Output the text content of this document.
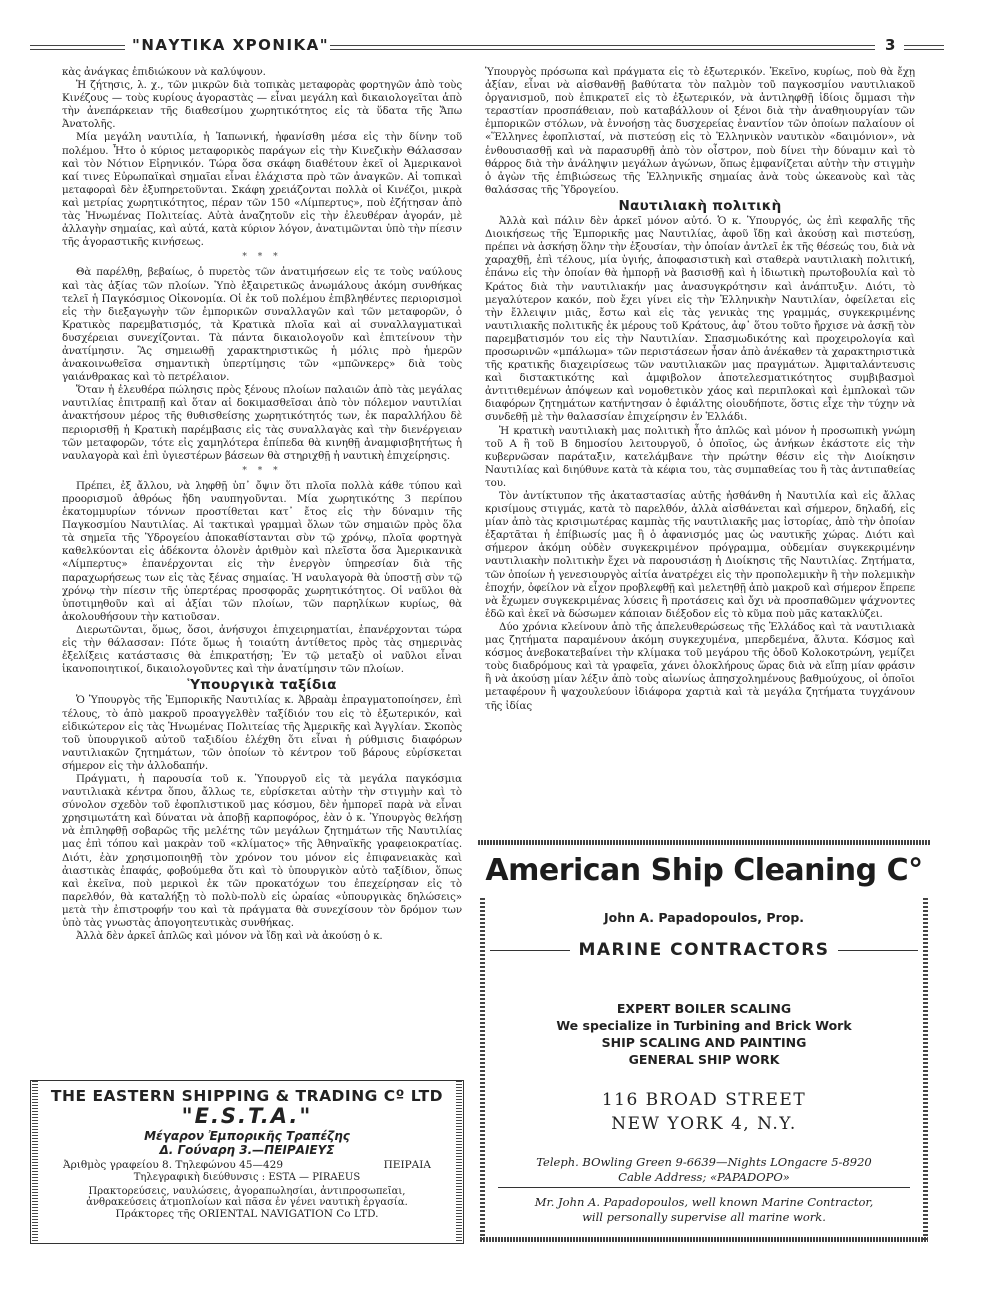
"ΝΑΥΤΙΚΑ ΧΡΟΝΙΚΑ"	3

κὰς ἀνάγκας ἐπιδιώκουν νὰ καλύψουν.

Ἡ ζήτησις, λ. χ., τῶν μικρῶν διὰ τοπικὰς μεταφορὰς φορτηγῶν ἀπὸ τοὺς Κινέζους — τοὺς κυρίους ἀγοραστὰς — εἶναι μεγάλη καὶ δικαιολογεῖται ἀπὸ τὴν ἀνεπάρκειαν τῆς διαθεσίμου χωρητικότητος εἰς τὰ ὕδατα τῆς Ἄπω Ἀνατολῆς.

Μία μεγάλη ναυτιλία, ἡ Ἰαπωνική, ἠφανίσθη μέσα εἰς τὴν δίνην τοῦ πολέμου. Ἦτο ὁ κύριος μεταφορικὸς παράγων εἰς τὴν Κινεζικὴν Θάλασσαν καὶ τὸν Νότιον Εἰρηνικόν. Τώρα ὅσα σκάφη διαθέτουν ἐκεῖ οἱ Ἀμερικανοὶ καί τινες Εὐρωπαϊκαὶ σημαῖαι εἶναι ἐλάχιστα πρὸ τῶν ἀναγκῶν. Αἱ τοπικαὶ μεταφοραὶ δὲν ἐξυπηρετοῦνται. Σκάφη χρειάζονται πολλὰ οἱ Κινέζοι, μικρὰ καὶ μετρίας χωρητικότητος, πέραν τῶν 150 «Λίμπερτυς», ποὺ ἐζήτησαν ἀπὸ τὰς Ἡνωμένας Πολιτείας. Αὐτὰ ἀναζητοῦν εἰς τὴν ἐλευθέραν ἀγοράν, μὲ ἀλλαγὴν σημαίας, καὶ αὐτά, κατὰ κύριον λόγον, ἀνατιμῶνται ὑπὸ τὴν πίεσιν τῆς ἀγοραστικῆς κινήσεως.

* * *

Θὰ παρέλθῃ, βεβαίως, ὁ πυρετὸς τῶν ἀνατιμήσεων εἰς τε τοὺς ναύλους καὶ τὰς ἀξίας τῶν πλοίων. Ὑπὸ ἐξαιρετικῶς ἀνωμάλους ἀκόμη συνθήκας τελεῖ ἡ Παγκόσμιος Οἰκονομία. Οἱ ἐκ τοῦ πολέμου ἐπιβληθέντες περιορισμοὶ εἰς τὴν διεξαγωγὴν τῶν ἐμπορικῶν συναλλαγῶν καὶ τῶν μεταφορῶν, ὁ Κρατικὸς παρεμβατισμός, τὰ Κρατικὰ πλοῖα καὶ αἱ συναλλαγματικαὶ δυσχέρειαι συνεχίζονται. Τὰ πάντα δικαιολογοῦν καὶ ἐπιτείνουν τὴν ἀνατίμησιν. Ἂς σημειωθῇ χαρακτηριστικῶς ἡ μόλις πρὸ ἡμερῶν ἀνακοινωθεῖσα σημαντικὴ ὑπερτίμησις τῶν «μπῶνκερς» διὰ τοὺς γαιάνθρακας καὶ τὸ πετρέλαιον.

Ὅταν ἡ ἐλευθέρα πώλησις πρὸς ξένους πλοίων παλαιῶν ἀπὸ τὰς μεγάλας ναυτιλίας ἐπιτραπῇ καὶ ὅταν αἱ δοκιμασθεῖσαι ἀπὸ τὸν πόλεμον ναυτιλίαι ἀνακτήσουν μέρος τῆς θυθισθείσης χωρητικότητός των, ἐκ παραλλήλου δὲ περιορισθῇ ἡ Κρατικὴ παρέμβασις εἰς τὰς συναλλαγὰς καὶ τὴν διενέργειαν τῶν μεταφορῶν, τότε εἰς χαμηλότερα ἐπίπεδα θὰ κινηθῇ ἀναμφισβητήτως ἡ ναυλαγορὰ καὶ ἐπὶ ὑγιεστέρων βάσεων θὰ στηριχθῇ ἡ ναυτικὴ ἐπιχείρησις.

* * *

Πρέπει, ἐξ ἄλλου, νὰ ληφθῇ ὑπ᾽ ὄψιν ὅτι πλοῖα πολλὰ κάθε τύπου καὶ προορισμοῦ ἀθρόως ἤδη ναυπηγοῦνται. Μία χωρητικότης 3 περίπου ἑκατομμυρίων τόννων προστίθεται κατ᾽ ἔτος εἰς τὴν δύναμιν τῆς Παγκοσμίου Ναυτιλίας. Αἱ τακτικαὶ γραμμαὶ ὅλων τῶν σημαιῶν πρὸς ὅλα τὰ σημεῖα τῆς Ὑδρογείου ἀποκαθίστανται σὺν τῷ χρόνῳ, πλοῖα φορτηγὰ καθελκύονται εἰς ἀδέκοντα ὁλονὲν ἀριθμὸν καὶ πλεῖστα ὅσα Ἀμερικανικὰ «Λίμπερτυς» ἐπανέρχονται εἰς τὴν ἐνεργὸν ὑπηρεσίαν διὰ τῆς παραχωρήσεως των εἰς τὰς ξένας σημαίας. Ἡ ναυλαγορὰ θὰ ὑποστῇ σὺν τῷ χρόνῳ τὴν πίεσιν τῆς ὑπερτέρας προσφορᾶς χωρητικότητος. Οἱ ναῦλοι θὰ ὑποτιμηθοῦν καὶ αἱ ἀξίαι τῶν πλοίων, τῶν παρηλίκων κυρίως, θὰ ἀκολουθήσουν τὴν κατιοῦσαν.

Διερωτῶνται, ὅμως, ὅσοι, ἀνήσυχοι ἐπιχειρηματίαι, ἐπανέρχονται τώρα εἰς τὴν θάλασσαν: Πότε ὅμως ἡ τοιαύτη ἀντίθετος πρὸς τὰς σημερινὰς ἐξελίξεις κατάστασις θὰ ἐπικρατήσῃ; Ἐν τῷ μεταξὺ οἱ ναῦλοι εἶναι ἱκανοποιητικοί, δικαιολογοῦντες καὶ τὴν ἀνατίμησιν τῶν πλοίων.

Ὑπουργικὰ ταξίδια

Ὁ Ὑπουργὸς τῆς Ἐμπορικῆς Ναυτιλίας κ. Ἀβραὰμ ἐπραγματοποίησεν, ἐπὶ τέλους, τὸ ἀπὸ μακροῦ προαγγελθὲν ταξίδιόν του εἰς τὸ ἐξωτερικόν, καὶ εἰδικώτερον εἰς τὰς Ἡνωμένας Πολιτείας τῆς Ἀμερικῆς καὶ Ἀγγλίαν. Σκοπὸς τοῦ ὑπουργικοῦ αὐτοῦ ταξιδίου ἐλέχθη ὅτι εἶναι ἡ ρύθμισις διαφόρων ναυτιλιακῶν ζητημάτων, τῶν ὁποίων τὸ κέντρον τοῦ βάρους εὑρίσκεται σήμερον εἰς τὴν ἀλλοδαπήν.

Πράγματι, ἡ παρουσία τοῦ κ. Ὑπουργοῦ εἰς τὰ μεγάλα παγκόσμια ναυτιλιακὰ κέντρα ὅπου, ἄλλως τε, εὑρίσκεται αὐτὴν τὴν στιγμὴν καὶ τὸ σύνολον σχεδὸν τοῦ ἐφοπλιστικοῦ μας κόσμου, δὲν ἠμπορεῖ παρὰ νὰ εἶναι χρησιμωτάτη καὶ δύναται νὰ ἀποβῇ καρποφόρος, ἐὰν ὁ κ. Ὑπουργὸς θελήσῃ νὰ ἐπιληφθῇ σοβαρῶς τῆς μελέτης τῶν μεγάλων ζητημάτων τῆς Ναυτιλίας μας ἐπὶ τόπου καὶ μακρὰν τοῦ «κλίματος» τῆς Ἀθηναϊκῆς γραφειοκρατίας. Διότι, ἐὰν χρησιμοποιηθῇ τὸν χρόνον του μόνον εἰς ἐπιφανειακὰς καὶ ἀιαστικὰς ἐπαφάς, φοβούμεθα ὅτι καὶ τὸ ὑπουργικὸν αὐτὸ ταξίδιον, ὅπως καὶ ἐκεῖνα, ποὺ μερικοὶ ἐκ τῶν προκατόχων του ἐπεχείρησαν εἰς τὸ παρελθόν, θὰ καταλήξῃ τὸ πολὺ-πολὺ εἰς ὡραίας «ὑπουργικὰς δηλώσεις» μετὰ τὴν ἐπιστροφήν του καὶ τὰ πράγματα θὰ συνεχίσουν τὸν δρόμον των ὑπὸ τὰς γνωστὰς ἀπογοητευτικὰς συνθήκας.

Ἀλλὰ δὲν ἀρκεῖ ἁπλῶς καὶ μόνον νὰ ἴδῃ καὶ νὰ ἀκούσῃ ὁ κ.

Ὑπουργὸς πρόσωπα καὶ πράγματα εἰς τὸ ἐξωτερικόν. Ἐκεῖνο, κυρίως, ποὺ θὰ ἔχῃ ἀξίαν, εἶναι νὰ αἰσθανθῇ βαθύτατα τὸν παλμὸν τοῦ παγκοσμίου ναυτιλιακοῦ ὀργανισμοῦ, ποὺ ἐπικρατεῖ εἰς τὸ ἐξωτερικόν, νὰ ἀντιληφθῇ ἰδίοις ὄμμασι τὴν τεραστίαν προσπάθειαν, ποὺ καταβάλλουν οἱ ξένοι διὰ τὴν ἀναθηιουργίαν τῶν ἐμπορικῶν στόλων, νὰ ἐννοήσῃ τὰς δυσχερείας ἐναντίον τῶν ὁποίων παλαίουν οἱ «Ἕλληνες ἐφοπλισταί, νὰ πιστεύσῃ εἰς τὸ Ἑλληνικὸν ναυτικὸν «δαιμόνιον», νὰ ἐνθουσιασθῇ καὶ νὰ παρασυρθῇ ἀπὸ τὸν οἶστρον, ποὺ δίνει τὴν δύναμιν καὶ τὸ θάρρος διὰ τὴν ἀνάληψιν μεγάλων ἀγώνων, ὅπως ἐμφανίζεται αὐτὴν τὴν στιγμὴν ὁ ἀγὼν τῆς ἐπιβιώσεως τῆς Ἑλληνικῆς σημαίας ἀνὰ τοὺς ὠκεανοὺς καὶ τὰς θαλάσσας τῆς Ὑδρογείου.

Ναυτιλιακὴ πολιτικὴ

Ἀλλὰ καὶ πάλιν δὲν ἀρκεῖ μόνον αὐτό. Ὁ κ. Ὑπουργός, ὡς ἐπὶ κεφαλῆς τῆς Διοικήσεως τῆς Ἐμπορικῆς μας Ναυτιλίας, ἀφοῦ ἴδῃ καὶ ἀκούσῃ καὶ πιστεύσῃ, πρέπει νὰ ἀσκήσῃ ὅλην τὴν ἐξουσίαν, τὴν ὁποίαν ἀντλεῖ ἐκ τῆς θέσεώς του, διὰ νὰ χαραχθῇ, ἐπὶ τέλους, μία ὑγιής, ἀποφασιστικὴ καὶ σταθερὰ ναυτιλιακὴ πολιτική, ἐπάνω εἰς τὴν ὁποίαν θὰ ἠμπορῇ νὰ βασισθῇ καὶ ἡ ἰδιωτικὴ πρωτοβουλία καὶ τὸ Κράτος διὰ τὴν ναυτιλιακήν μας ἀνασυγκρότησιν καὶ ἀνάπτυξιν. Διότι, τὸ μεγαλύτερον κακόν, ποὺ ἔχει γίνει εἰς τὴν Ἑλληνικὴν Ναυτιλίαν, ὀφείλεται εἰς τὴν ἔλλειψιν μιᾶς, ἔστω καὶ εἰς τὰς γενικὰς της γραμμάς, συγκεκριμένης ναυτιλιακῆς πολιτικῆς ἐκ μέρους τοῦ Κράτους, ἀφ᾽ ὅτου τοῦτο ἤρχισε νὰ ἀσκῇ τὸν παρεμβατισμόν του εἰς τὴν Ναυτιλίαν. Σπασμωδικότης καὶ προχειρολογία καὶ προσωρινῶν «μπάλωμα» τῶν περιστάσεων ἦσαν ἀπὸ ἀνέκαθεν τὰ χαρακτηριστικὰ τῆς κρατικῆς διαχειρίσεως τῶν ναυτιλιακῶν μας πραγμάτων. Ἀμφιταλάντευσις καὶ διστακτικότης καὶ ἀμφιβολον ἀποτελεσματικότητος συμβιβασμοὶ ἀντιτιθεμένων ἀπόψεων καὶ νομοθετικὸν χάος καὶ περιπλοκαὶ καὶ ἐμπλοκαὶ τῶν διαφόρων ζητημάτων κατήντησαν ὁ ἐφιάλτης οἱουδήποτε, ὅστις εἶχε τὴν τύχην νὰ συνδεθῇ μὲ τὴν θαλασσίαν ἐπιχείρησιν ἐν Ἑλλάδι.

Ἡ κρατικὴ ναυτιλιακὴ μας πολιτικὴ ἦτο ἁπλῶς καὶ μόνον ἡ προσωπικὴ γνώμη τοῦ Α ἢ τοῦ Β δημοσίου λειτουργοῦ, ὁ ὁποῖος, ὡς ἀνήκων ἑκάστοτε εἰς τὴν κυβερνῶσαν παράταξιν, κατελάμβανε τὴν πρώτην θέσιν εἰς τὴν Διοίκησιν Ναυτιλίας καὶ διηύθυνε κατὰ τὰ κέφια του, τὰς συμπαθείας του ἢ τὰς ἀντιπαθείας του.

Τὸν ἀντίκτυπον τῆς ἀκαταστασίας αὐτῆς ἠσθάνθη ἡ Ναυτιλία καὶ εἰς ἄλλας κρισίμους στιγμάς, κατὰ τὸ παρελθόν, ἀλλὰ αἰσθάνεται καὶ σήμερον, δηλαδή, εἰς μίαν ἀπὸ τὰς κρισιμωτέρας καμπὰς τῆς ναυτιλιακῆς μας ἱστορίας, ἀπὸ τὴν ὁποίαν ἐξαρτᾶται ἡ ἐπίβιωσίς μας ἢ ὁ ἀφανισμός μας ὡς ναυτικῆς χώρας. Διότι καὶ σήμερον ἀκόμη οὐδὲν συγκεκριμένον πρόγραμμα, οὐδεμίαν συγκεκριμένην ναυτιλιακὴν πολιτικὴν ἔχει νὰ παρουσιάσῃ ἡ Διοίκησις τῆς Ναυτιλίας. Ζητήματα, τῶν ὁποίων ἡ γενεσιουργὸς αἰτία ἀνατρέχει εἰς τὴν προπολεμικὴν ἢ τὴν πολεμικὴν ἐποχήν, ὀφείλον νὰ εἶχον προβλεφθῇ καὶ μελετηθῇ ἀπὸ μακροῦ καὶ σήμερον ἔπρεπε νὰ ἔχωμεν συγκεκριμένας λύσεις ἢ προτάσεις καὶ ὄχι νὰ προσπαθῶμεν ψάχνοντες ἐδῶ καὶ ἐκεῖ νὰ δώσωμεν κάποιαν διέξοδον εἰς τὸ κῦμα ποὺ μᾶς κατακλύζει.

Δύο χρόνια κλείνουν ἀπὸ τῆς ἀπελευθερώσεως τῆς Ἑλλάδος καὶ τὰ ναυτιλιακὰ μας ζητήματα παραμένουν ἀκόμη συγκεχυμένα, μπερδεμένα, ἄλυτα. Κόσμος καὶ κόσμος ἀνεβοκατεβαίνει τὴν κλίμακα τοῦ μεγάρου τῆς ὁδοῦ Κολοκοτρώνη, γεμίζει τοὺς διαδρόμους καὶ τὰ γραφεῖα, χάνει ὁλοκλήρους ὥρας διὰ νὰ εἴπῃ μίαν φράσιν ἢ νὰ ἀκούσῃ μίαν λέξιν ἀπὸ τοὺς αἰωνίως ἀπησχολημένους βαθμούχους, οἱ ὁποῖοι μεταφέρουν ἢ ψαχουλεύουν ἰδιάφορα χαρτιὰ καὶ τὰ μεγάλα ζητήματα τυγχάνουν τῆς ἰδίας

THE EASTERN SHIPPING & TRADING Cº LTD
"E.S.T.A."
Μέγαρον Ἐμπορικῆς Τραπέζης
Δ. Γούναρη 3.—ΠΕΙΡΑΙΕΥΣ
Ἀριθμὸς γραφείου 8. Τηλεφώνου 45—429	ΠΕΙΡΑΙΑ
Τηλεγραφικὴ διεύθυνσις : ESTA — PIRAEUS
Πρακτορεύσεις, ναυλώσεις, ἀγοραπωλησίαι, ἀντιπροσωπεῖαι,
ἀνθρακεύσεις ἀτμοπλοίων καὶ πᾶσα ἐν γένει ναυτικὴ ἐργασία.
Πράκτορες τῆς ORIENTAL NAVIGATION Co LTD.
American Ship Cleaning C°
John A. Papadopoulos, Prop.
MARINE CONTRACTORS
EXPERT BOILER SCALING
We specialize in Turbining and Brick Work
SHIP SCALING AND PAINTING
GENERAL SHIP WORK
116 BROAD STREET
NEW YORK 4, N.Y.
Teleph. BOwling Green 9-6639—Nights LOngacre 5-8920
Cable Address; «PAPADOPO»
Mr. John A. Papadopoulos, well known Marine Contractor,
will personally supervise all marine work.
